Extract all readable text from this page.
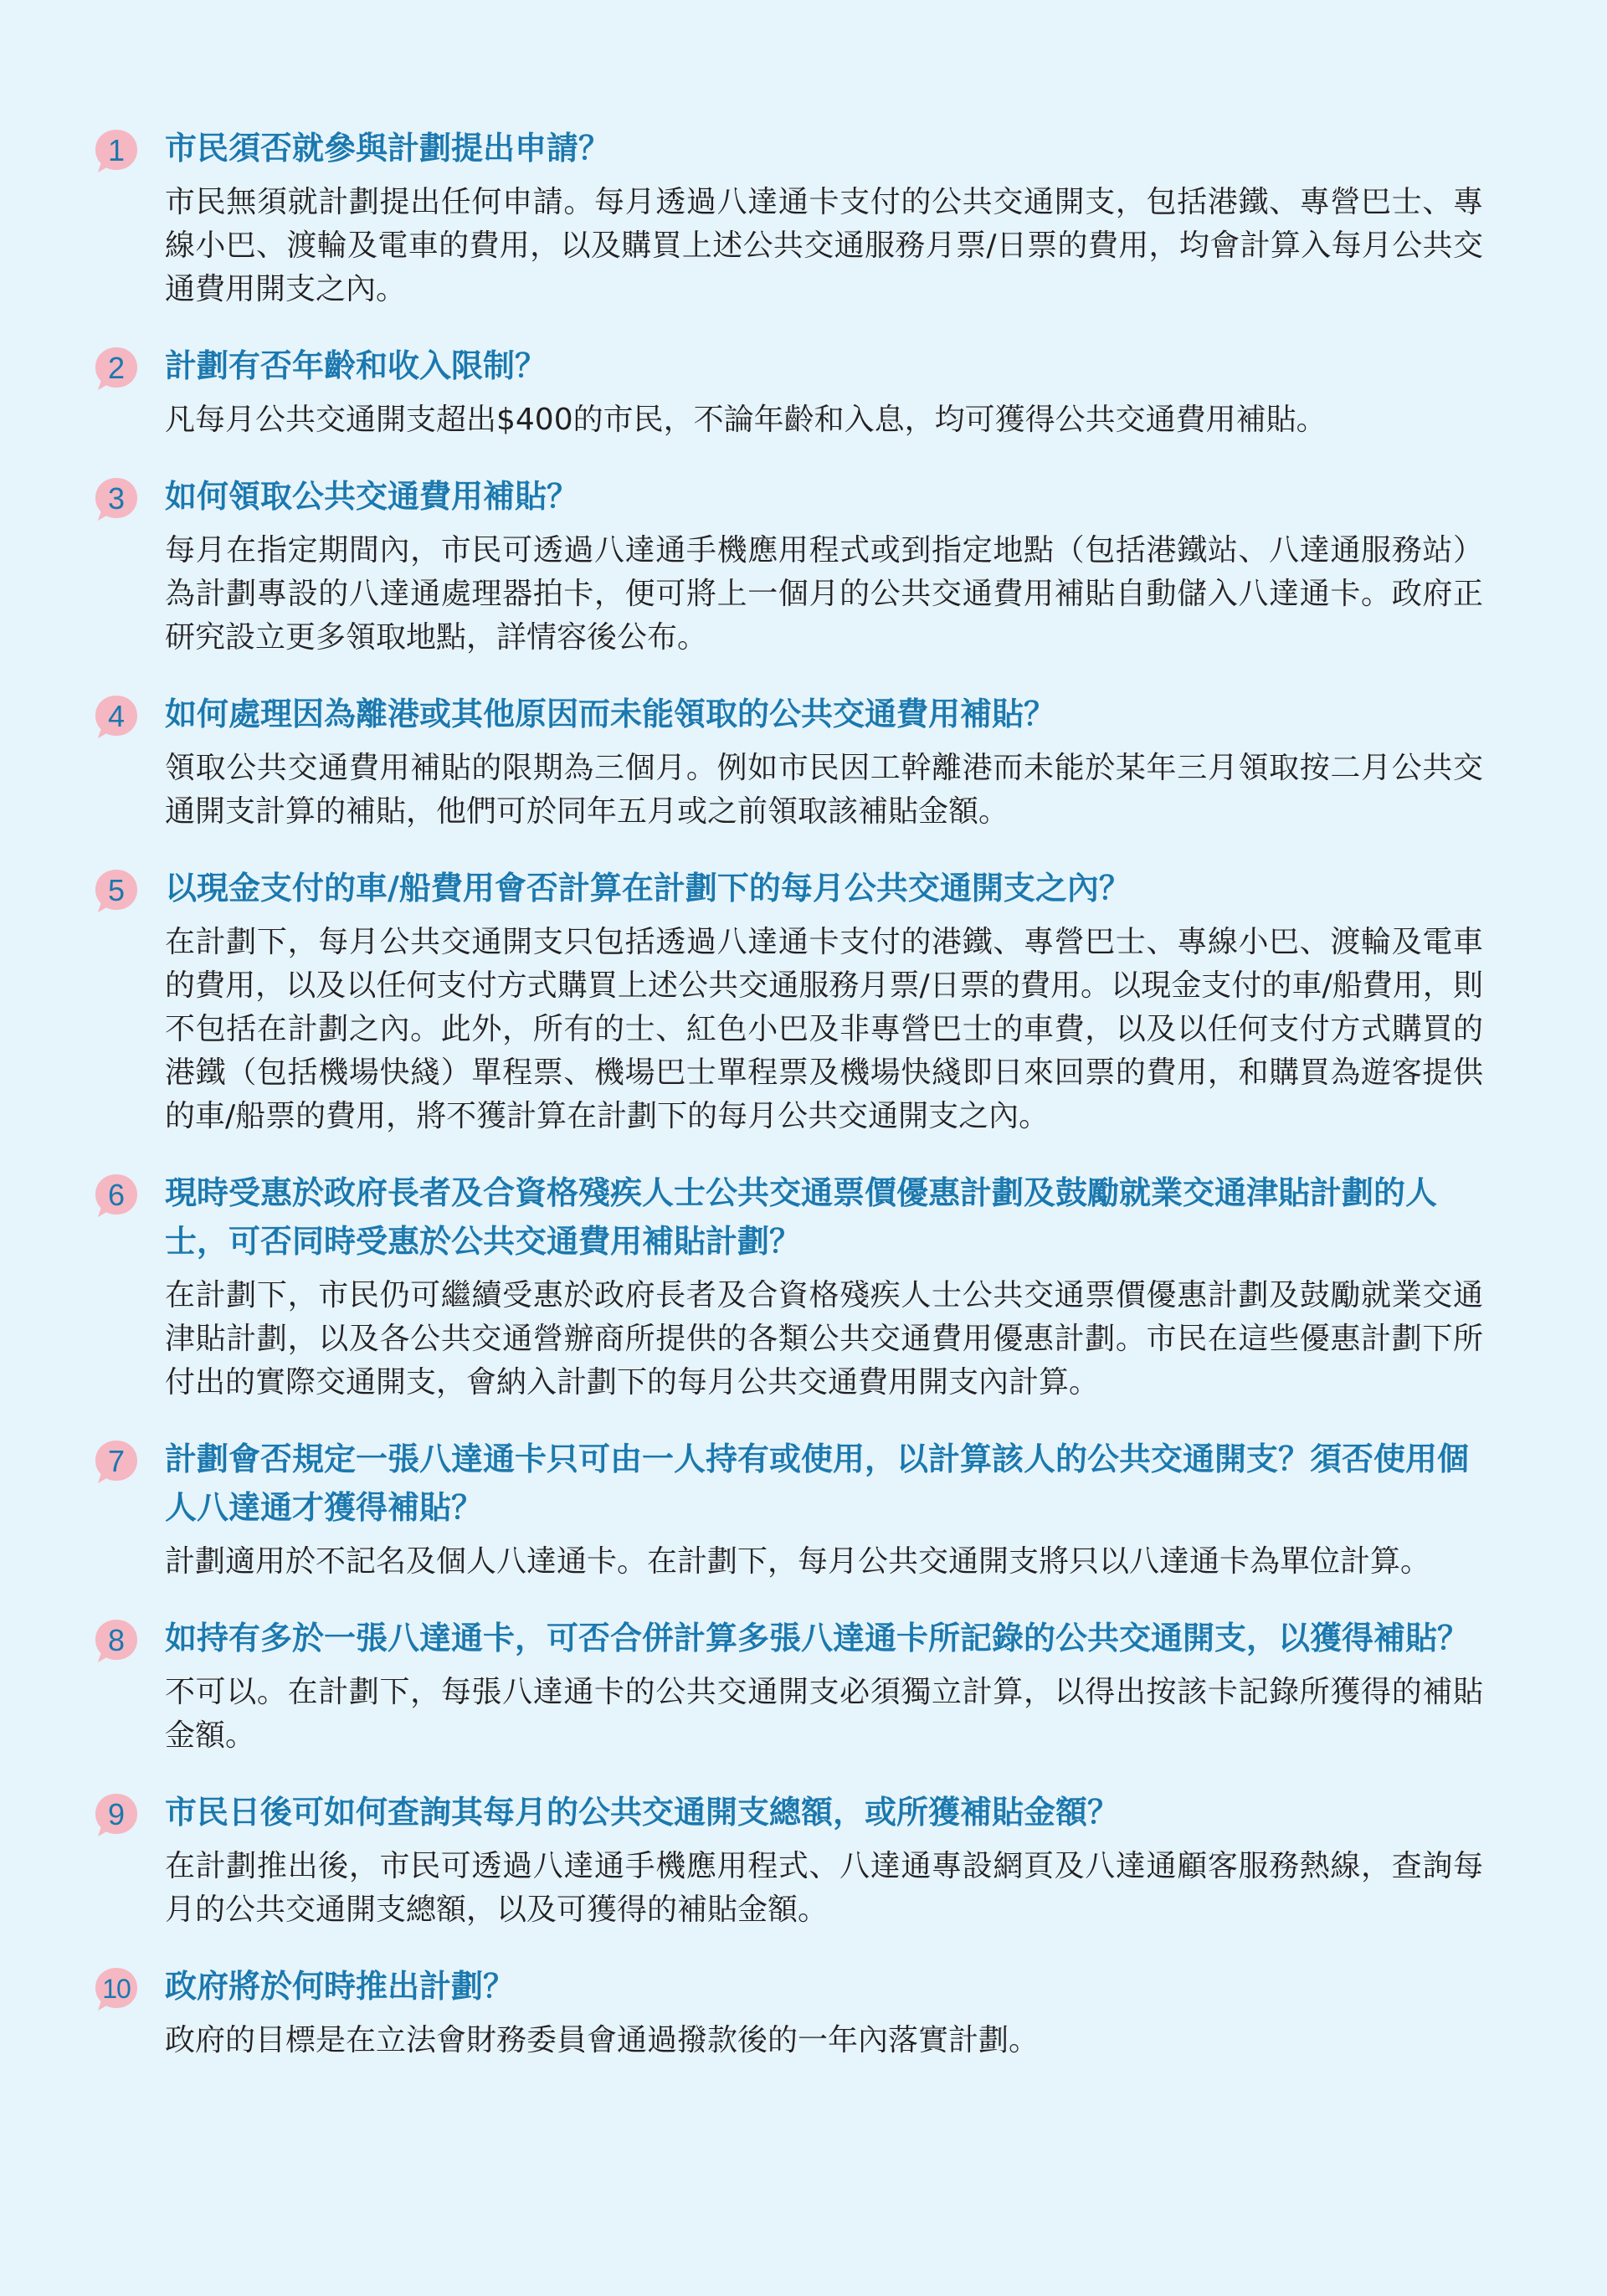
1	市民須否就參與計劃提出申請？

市民無須就計劃提出任何申請。每月透過八達通卡支付的公共交通開支，包括港鐵、專營巴士、專線小巴、渡輪及電車的費用，以及購買上述公共交通服務月票/日票的費用，均會計算入每月公共交通費用開支之內。

2	計劃有否年齡和收入限制？

凡每月公共交通開支超出$400的市民，不論年齡和入息，均可獲得公共交通費用補貼。

3	如何領取公共交通費用補貼？

每月在指定期間內，市民可透過八達通手機應用程式或到指定地點（包括港鐵站、八達通服務站）為計劃專設的八達通處理器拍卡，便可將上一個月的公共交通費用補貼自動儲入八達通卡。政府正研究設立更多領取地點，詳情容後公布。

4	如何處理因為離港或其他原因而未能領取的公共交通費用補貼？

領取公共交通費用補貼的限期為三個月。例如市民因工幹離港而未能於某年三月領取按二月公共交通開支計算的補貼，他們可於同年五月或之前領取該補貼金額。

5	以現金支付的車/船費用會否計算在計劃下的每月公共交通開支之內？

在計劃下，每月公共交通開支只包括透過八達通卡支付的港鐵、專營巴士、專線小巴、渡輪及電車的費用，以及以任何支付方式購買上述公共交通服務月票/日票的費用。以現金支付的車/船費用，則不包括在計劃之內。此外，所有的士、紅色小巴及非專營巴士的車費，以及以任何支付方式購買的港鐵（包括機場快綫）單程票、機場巴士單程票及機場快綫即日來回票的費用，和購買為遊客提供的車/船票的費用，將不獲計算在計劃下的每月公共交通開支之內。

6	現時受惠於政府長者及合資格殘疾人士公共交通票價優惠計劃及鼓勵就業交通津貼計劃的人士，可否同時受惠於公共交通費用補貼計劃？

在計劃下，市民仍可繼續受惠於政府長者及合資格殘疾人士公共交通票價優惠計劃及鼓勵就業交通津貼計劃，以及各公共交通營辦商所提供的各類公共交通費用優惠計劃。市民在這些優惠計劃下所付出的實際交通開支，會納入計劃下的每月公共交通費用開支內計算。

7	計劃會否規定一張八達通卡只可由一人持有或使用，以計算該人的公共交通開支？須否使用個人八達通才獲得補貼？

計劃適用於不記名及個人八達通卡。在計劃下，每月公共交通開支將只以八達通卡為單位計算。

8	如持有多於一張八達通卡，可否合併計算多張八達通卡所記錄的公共交通開支，以獲得補貼？

不可以。在計劃下，每張八達通卡的公共交通開支必須獨立計算，以得出按該卡記錄所獲得的補貼金額。

9	市民日後可如何查詢其每月的公共交通開支總額，或所獲補貼金額？

在計劃推出後，市民可透過八達通手機應用程式、八達通專設網頁及八達通顧客服務熱線，查詢每月的公共交通開支總額，以及可獲得的補貼金額。

10 政府將於何時推出計劃？

政府的目標是在立法會財務委員會通過撥款後的一年內落實計劃。
